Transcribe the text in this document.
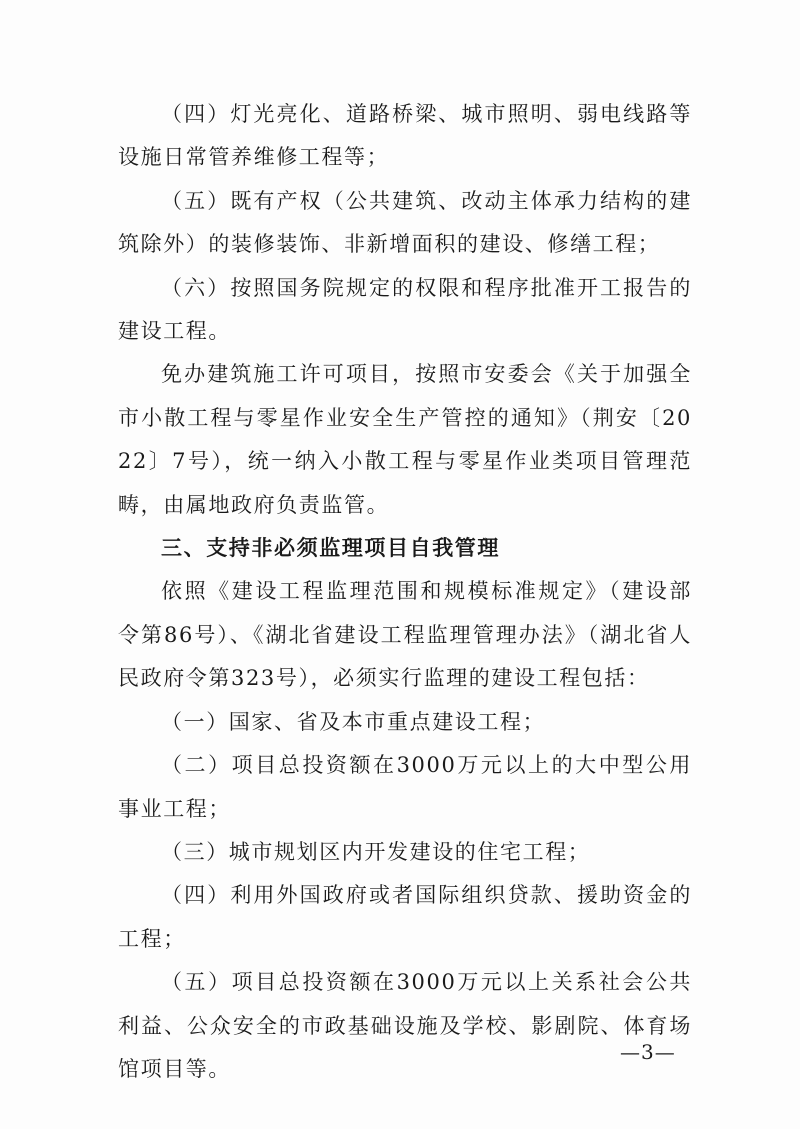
（四）灯光亮化、道路桥梁、城市照明、弱电线路等设施日常管养维修工程等；

（五）既有产权（公共建筑、改动主体承力结构的建筑除外）的装修装饰、非新增面积的建设、修缮工程；

（六）按照国务院规定的权限和程序批准开工报告的建设工程。

免办建筑施工许可项目，按照市安委会《关于加强全市小散工程与零星作业安全生产管控的通知》（荆安〔2022〕7号），统一纳入小散工程与零星作业类项目管理范畴，由属地政府负责监管。

三、支持非必须监理项目自我管理

依照《建设工程监理范围和规模标准规定》（建设部令第86号）、《湖北省建设工程监理管理办法》（湖北省人民政府令第323号），必须实行监理的建设工程包括：

（一）国家、省及本市重点建设工程；

（二）项目总投资额在3000万元以上的大中型公用事业工程；

（三）城市规划区内开发建设的住宅工程；

（四）利用外国政府或者国际组织贷款、援助资金的工程；

（五）项目总投资额在3000万元以上关系社会公共利益、公众安全的市政基础设施及学校、影剧院、体育场馆项目等。

—3—
